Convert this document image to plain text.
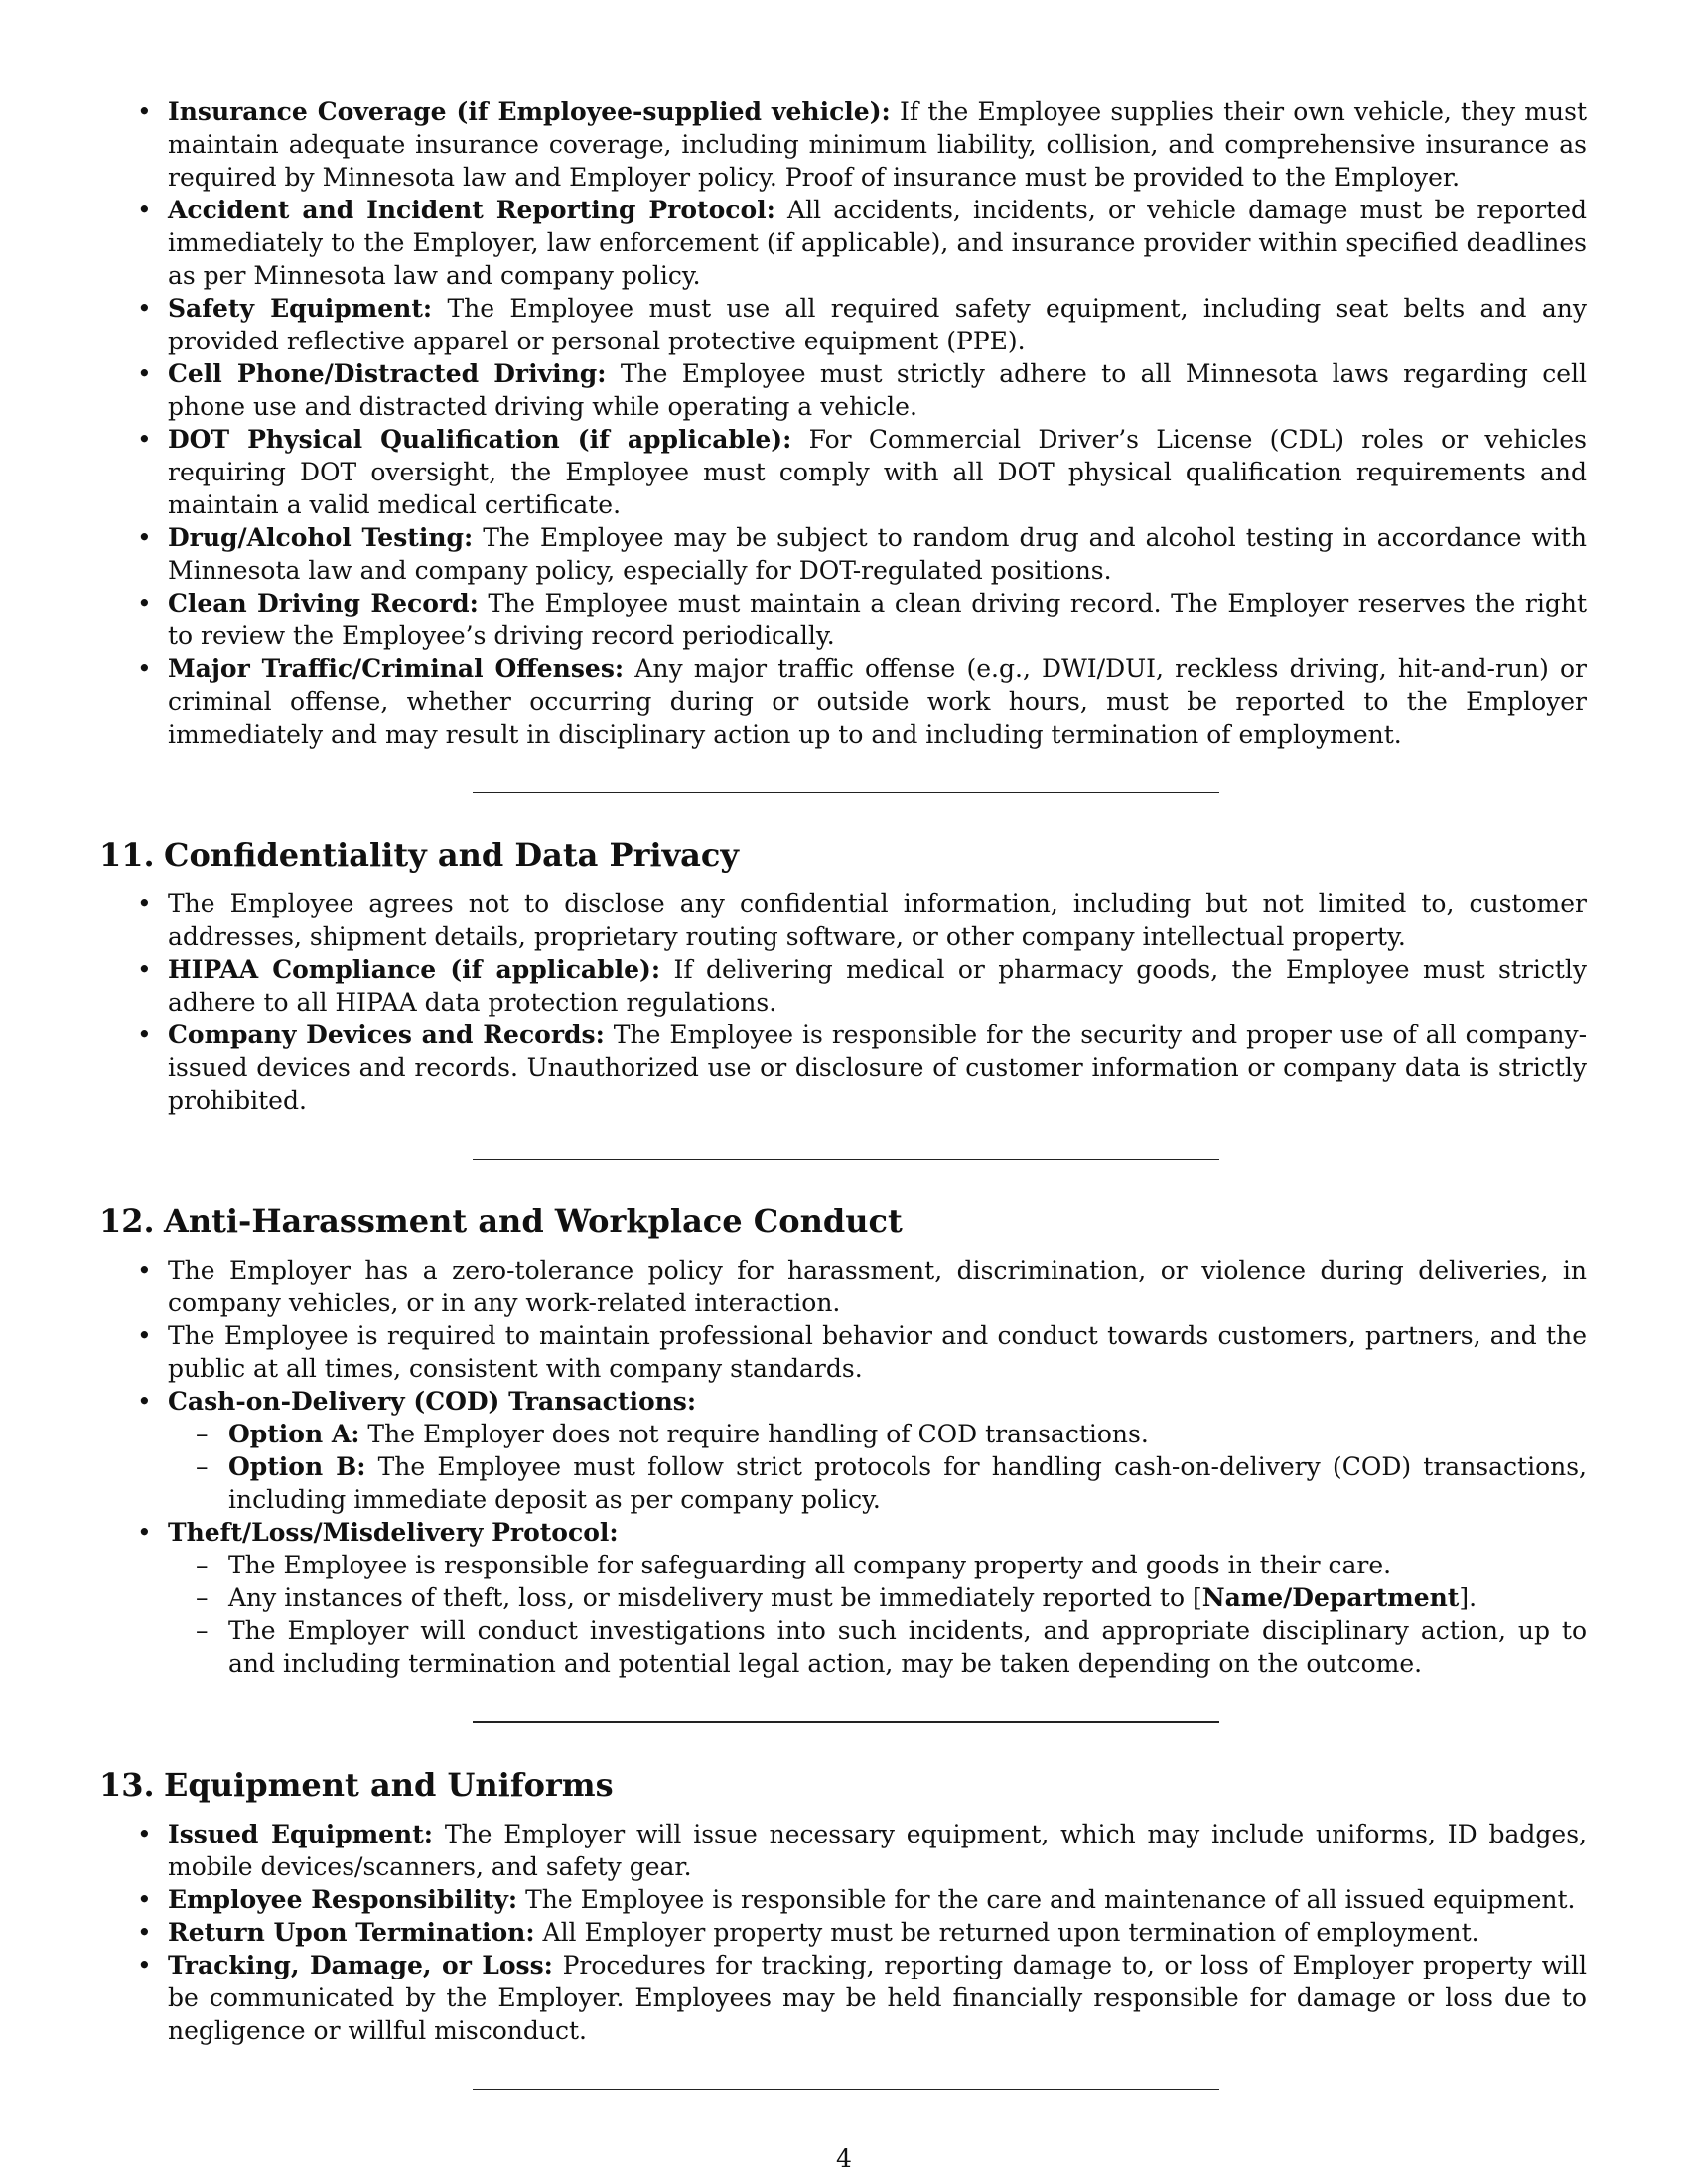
• Insurance Coverage (if Employee-supplied vehicle): If the Employee supplies their own vehicle, they must maintain adequate insurance coverage, including minimum liability, collision, and comprehensive insurance as required by Minnesota law and Employer policy. Proof of insurance must be provided to the Employer.
• Accident and Incident Reporting Protocol: All accidents, incidents, or vehicle damage must be reported immediately to the Employer, law enforcement (if applicable), and insurance provider within specified deadlines as per Minnesota law and company policy.
• Safety Equipment: The Employee must use all required safety equipment, including seat belts and any provided reflective apparel or personal protective equipment (PPE).
• Cell Phone/Distracted Driving: The Employee must strictly adhere to all Minnesota laws regarding cell phone use and distracted driving while operating a vehicle.
• DOT Physical Qualification (if applicable): For Commercial Driver’s License (CDL) roles or vehicles requiring DOT oversight, the Employee must comply with all DOT physical qualification requirements and maintain a valid medical certificate.
• Drug/Alcohol Testing: The Employee may be subject to random drug and alcohol testing in accordance with Minnesota law and company policy, especially for DOT-regulated positions.
• Clean Driving Record: The Employee must maintain a clean driving record. The Employer reserves the right to review the Employee’s driving record periodically.
• Major Traffic/Criminal Offenses: Any major traffic offense (e.g., DWI/DUI, reckless driving, hit-and-run) or criminal offense, whether occurring during or outside work hours, must be reported to the Employer immediately and may result in disciplinary action up to and including termination of employment.
11. Confidentiality and Data Privacy
• The Employee agrees not to disclose any confidential information, including but not limited to, customer addresses, shipment details, proprietary routing software, or other company intellectual property.
• HIPAA Compliance (if applicable): If delivering medical or pharmacy goods, the Employee must strictly adhere to all HIPAA data protection regulations.
• Company Devices and Records: The Employee is responsible for the security and proper use of all company-issued devices and records. Unauthorized use or disclosure of customer information or company data is strictly prohibited.
12. Anti-Harassment and Workplace Conduct
• The Employer has a zero-tolerance policy for harassment, discrimination, or violence during deliveries, in company vehicles, or in any work-related interaction.
• The Employee is required to maintain professional behavior and conduct towards customers, partners, and the public at all times, consistent with company standards.
• Cash-on-Delivery (COD) Transactions:
– Option A: The Employer does not require handling of COD transactions.
– Option B: The Employee must follow strict protocols for handling cash-on-delivery (COD) transactions, including immediate deposit as per company policy.
• Theft/Loss/Misdelivery Protocol:
– The Employee is responsible for safeguarding all company property and goods in their care.
– Any instances of theft, loss, or misdelivery must be immediately reported to [Name/Department].
– The Employer will conduct investigations into such incidents, and appropriate disciplinary action, up to and including termination and potential legal action, may be taken depending on the outcome.
13. Equipment and Uniforms
• Issued Equipment: The Employer will issue necessary equipment, which may include uniforms, ID badges, mobile devices/scanners, and safety gear.
• Employee Responsibility: The Employee is responsible for the care and maintenance of all issued equipment.
• Return Upon Termination: All Employer property must be returned upon termination of employment.
• Tracking, Damage, or Loss: Procedures for tracking, reporting damage to, or loss of Employer property will be communicated by the Employer. Employees may be held financially responsible for damage or loss due to negligence or willful misconduct.
4
